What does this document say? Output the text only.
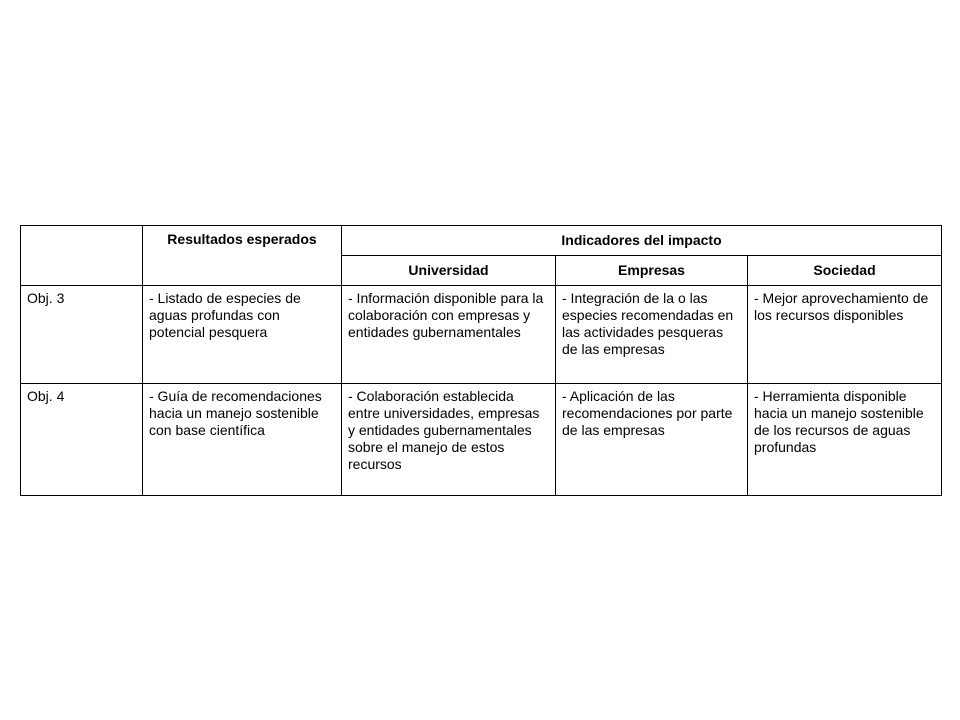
	Resultados esperados	Indicadores del impacto		
		Universidad	Empresas	Sociedad
Obj. 3	- Listado de especies de aguas profundas con potencial pesquera	- Información disponible para la colaboración con empresas y entidades gubernamentales	- Integración de la o las especies recomendadas en las actividades pesqueras de las empresas	- Mejor aprovechamiento de los recursos disponibles
Obj. 4	- Guía de recomendaciones hacia un manejo sostenible con base científica	- Colaboración establecida entre universidades, empresas y entidades gubernamentales sobre el manejo de estos recursos	- Aplicación de las recomendaciones por parte de las empresas	- Herramienta disponible hacia un manejo sostenible de los recursos de aguas profundas
